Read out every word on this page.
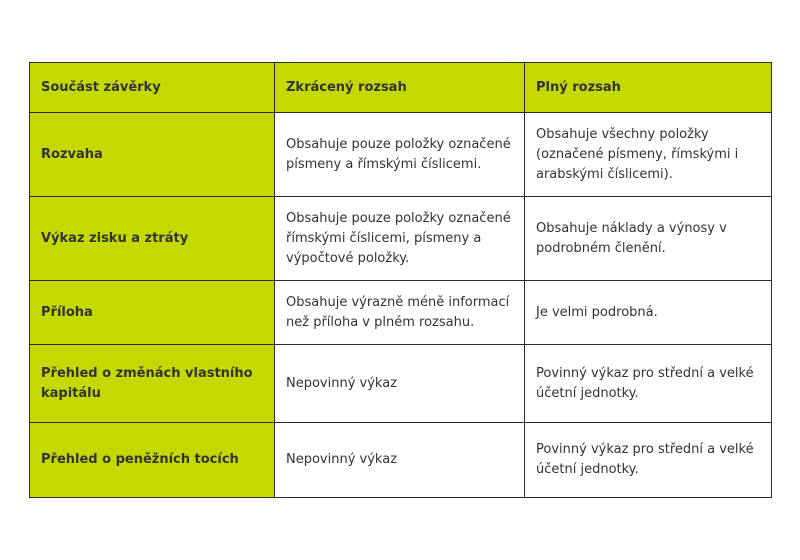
Součást závěrky	Zkrácený rozsah	Plný rozsah
Rozvaha	Obsahuje pouze položky označené písmeny a římskými číslicemi.	Obsahuje všechny položky (označené písmeny, římskými i arabskými číslicemi).
Výkaz zisku a ztráty	Obsahuje pouze položky označené římskými číslicemi, písmeny a výpočtové položky.	Obsahuje náklady a výnosy v podrobném členění.
Příloha	Obsahuje výrazně méně informací než příloha v plném rozsahu.	Je velmi podrobná.
Přehled o změnách vlastního kapitálu	Nepovinný výkaz	Povinný výkaz pro střední a velké účetní jednotky.
Přehled o peněžních tocích	Nepovinný výkaz	Povinný výkaz pro střední a velké účetní jednotky.
